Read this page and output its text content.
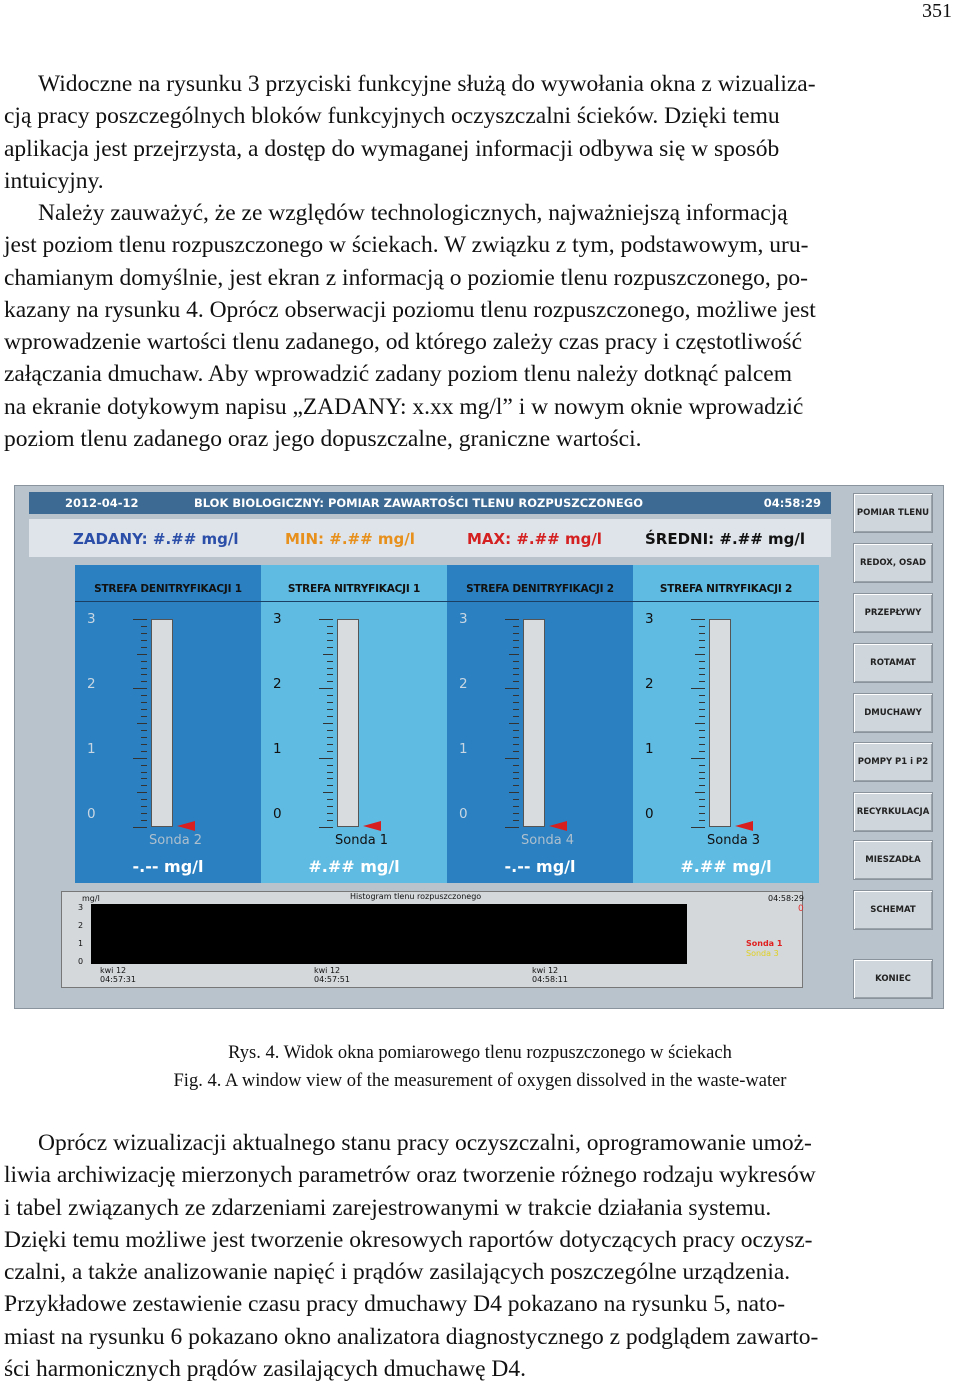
351
Widoczne na rysunku 3 przyciski funkcyjne służą do wywołania okna z wizualiza-
cją pracy poszczególnych bloków funkcyjnych oczyszczalni ścieków. Dzięki temu
aplikacja jest przejrzysta, a dostęp do wymaganej informacji odbywa się w sposób
intuicyjny.
Należy zauważyć, że ze względów technologicznych, najważniejszą informacją
jest poziom tlenu rozpuszczonego w ściekach. W związku z tym, podstawowym, uru-
chamianym domyślnie, jest ekran z informacją o poziomie tlenu rozpuszczonego, po-
kazany na rysunku 4. Oprócz obserwacji poziomu tlenu rozpuszczonego, możliwe jest
wprowadzenie wartości tlenu zadanego, od którego zależy czas pracy i częstotliwość
załączania dmuchaw. Aby wprowadzić zadany poziom tlenu należy dotknąć palcem
na ekranie dotykowym napisu „ZADANY: x.xx mg/l” i w nowym oknie wprowadzić
poziom tlenu zadanego oraz jego dopuszczalne, graniczne wartości.
2012-04-12	BLOK BIOLOGICZNY: POMIAR ZAWARTOŚCI TLENU ROZPUSZCZONEGO	04:58:29
ZADANY: #.## mg/l	MIN: #.## mg/l	MAX: #.## mg/l	ŚREDNI: #.## mg/l
STREFA DENITRYFIKACJI 1
3
2
1
0
Sonda 2
-.-- mg/l
STREFA NITRYFIKACJI 1
3
2
1
0
Sonda 1
#.## mg/l
STREFA DENITRYFIKACJI 2
3
2
1
0
Sonda 4
-.-- mg/l
STREFA NITRYFIKACJI 2
3
2
1
0
Sonda 3
#.## mg/l
mg/l	Histogram tlenu rozpuszczonego
3
2
1
0
kwi 12
04:57:31
kwi 12
04:57:51
kwi 12
04:58:11
04:58:29
0
Sonda 1
Sonda 3
POMIAR TLENU
REDOX, OSAD
PRZEPŁYWY
ROTAMAT
DMUCHAWY
POMPY P1 i P2
RECYRKULACJA
MIESZADŁA
SCHEMAT
KONIEC
Rys. 4. Widok okna pomiarowego tlenu rozpuszczonego w ściekach
Fig. 4. A window view of the measurement of oxygen dissolved in the waste-water
Oprócz wizualizacji aktualnego stanu pracy oczyszczalni, oprogramowanie umoż-
liwia archiwizację mierzonych parametrów oraz tworzenie różnego rodzaju wykresów
i tabel związanych ze zdarzeniami zarejestrowanymi w trakcie działania systemu.
Dzięki temu możliwe jest tworzenie okresowych raportów dotyczących pracy oczysz-
czalni, a także analizowanie napięć i prądów zasilających poszczególne urządzenia.
Przykładowe zestawienie czasu pracy dmuchawy D4 pokazano na rysunku 5, nato-
miast na rysunku 6 pokazano okno analizatora diagnostycznego z podglądem zawarto-
ści harmonicznych prądów zasilających dmuchawę D4.
